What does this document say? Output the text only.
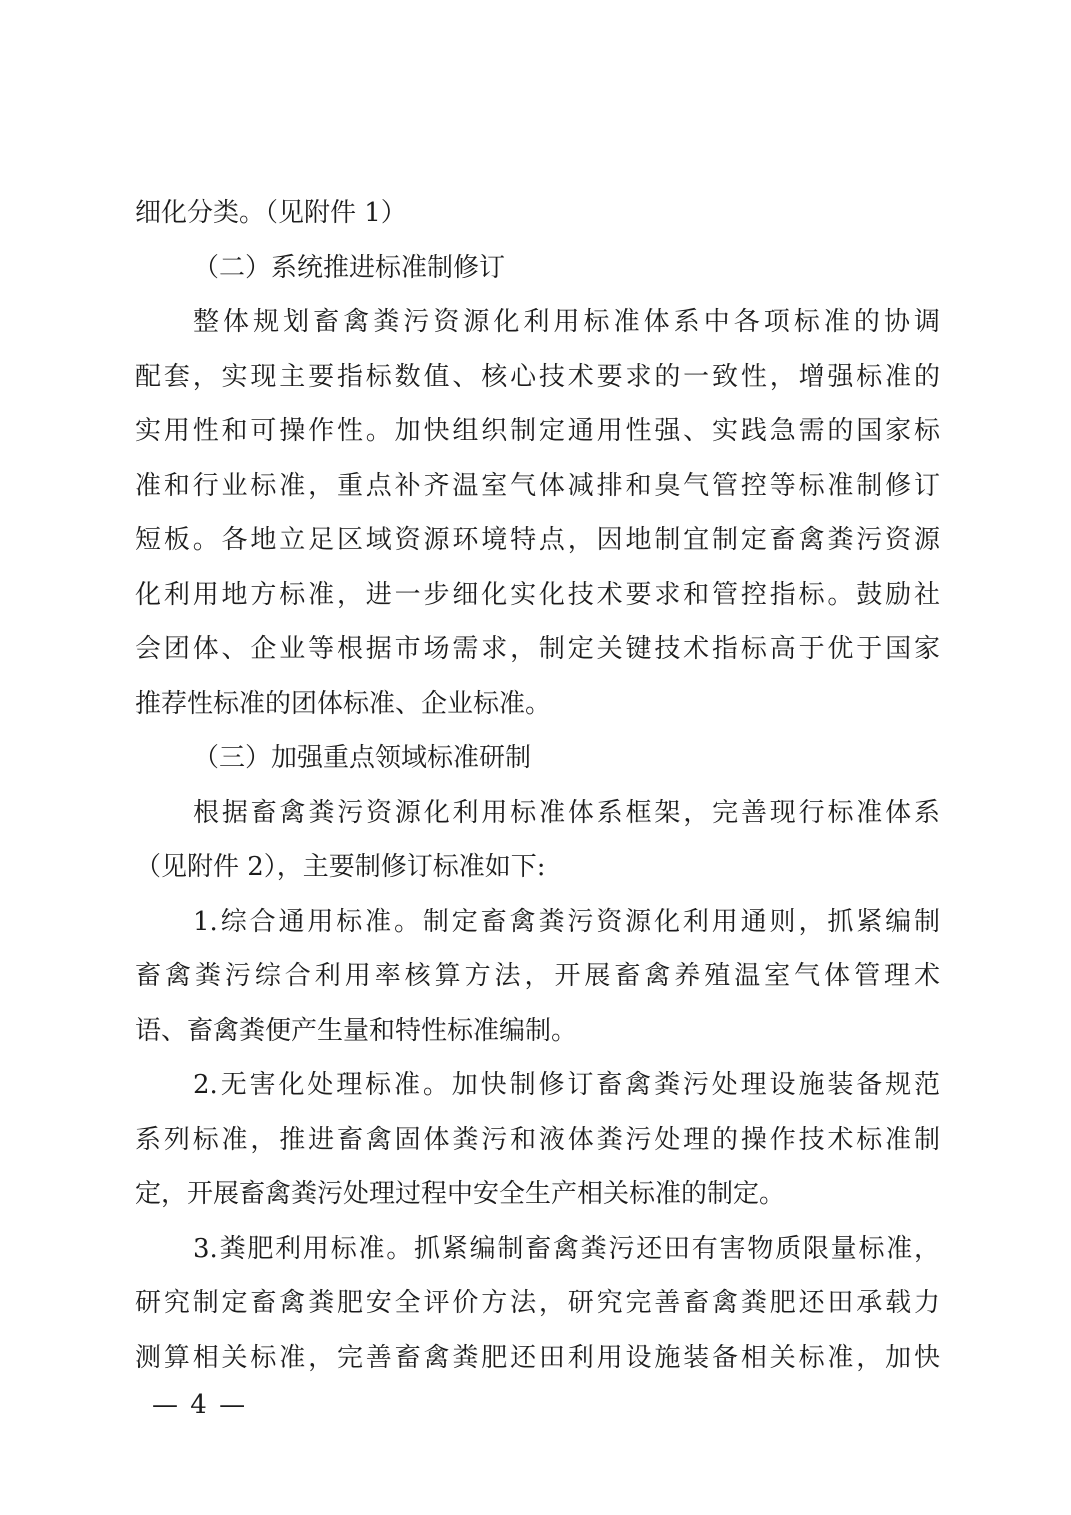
细化分类。（见附件 1）
（二）系统推进标准制修订
整体规划畜禽粪污资源化利用标准体系中各项标准的协调
配套，实现主要指标数值、核心技术要求的一致性，增强标准的
实用性和可操作性。加快组织制定通用性强、实践急需的国家标
准和行业标准，重点补齐温室气体减排和臭气管控等标准制修订
短板。各地立足区域资源环境特点，因地制宜制定畜禽粪污资源
化利用地方标准，进一步细化实化技术要求和管控指标。鼓励社
会团体、企业等根据市场需求，制定关键技术指标高于优于国家
推荐性标准的团体标准、企业标准。
（三）加强重点领域标准研制
根据畜禽粪污资源化利用标准体系框架，完善现行标准体系
（见附件 2），主要制修订标准如下:
1.综合通用标准。制定畜禽粪污资源化利用通则，抓紧编制
畜禽粪污综合利用率核算方法，开展畜禽养殖温室气体管理术
语、畜禽粪便产生量和特性标准编制。
2.无害化处理标准。加快制修订畜禽粪污处理设施装备规范
系列标准，推进畜禽固体粪污和液体粪污处理的操作技术标准制
定，开展畜禽粪污处理过程中安全生产相关标准的制定。
3.粪肥利用标准。抓紧编制畜禽粪污还田有害物质限量标准，
研究制定畜禽粪肥安全评价方法，研究完善畜禽粪肥还田承载力
测算相关标准，完善畜禽粪肥还田利用设施装备相关标准，加快
— 4 —
